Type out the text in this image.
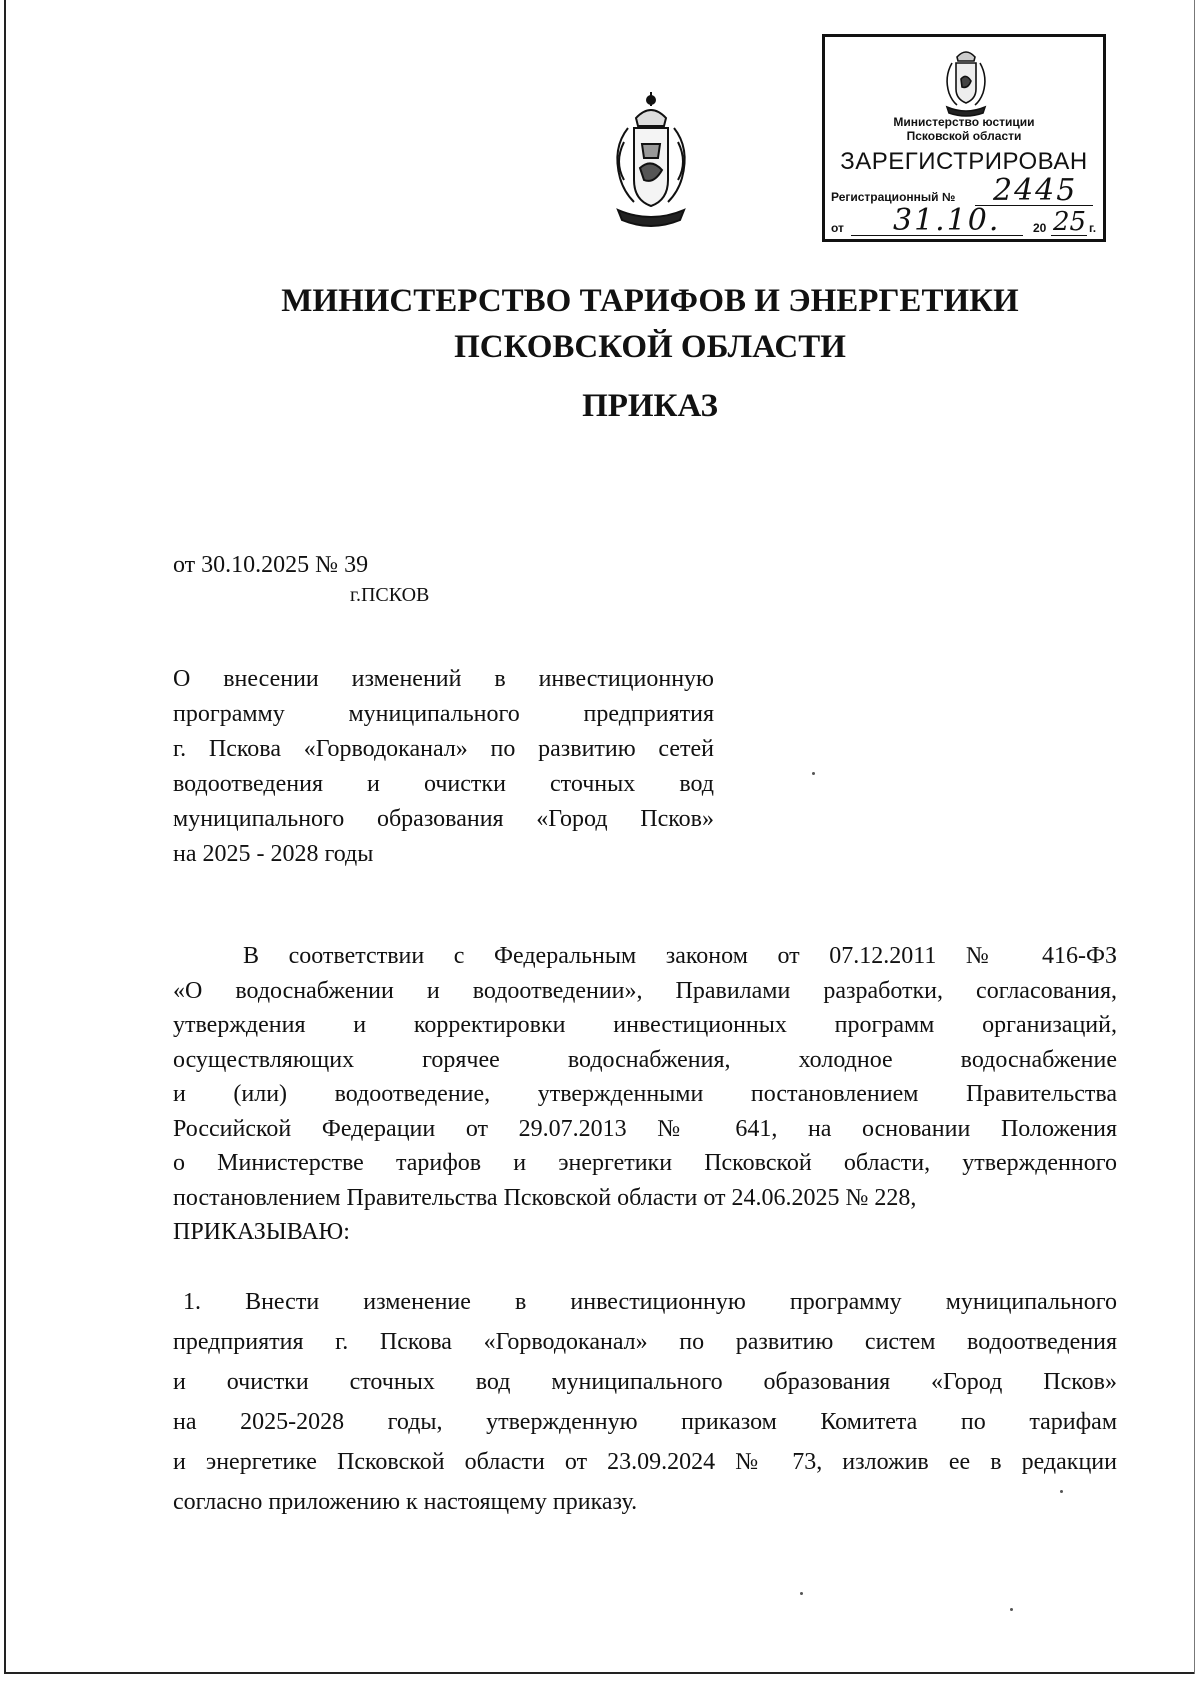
Министерство юстиции
Псковской области
ЗАРЕГИСТРИРОВАН
Регистрационный № 2445
от 31.10.	20 25 г.
МИНИСТЕРСТВО ТАРИФОВ И ЭНЕРГЕТИКИ
ПСКОВСКОЙ ОБЛАСТИ
ПРИКАЗ
от 30.10.2025 № 39
г.ПСКОВ
О внесении изменений в инвестиционную
программу муниципального предприятия
г. Пскова «Горводоканал» по развитию сетей
водоотведения и очистки сточных вод
муниципального образования «Город Псков»
на 2025 - 2028 годы
В соответствии с Федеральным законом от 07.12.2011 № 416-ФЗ
«О водоснабжении и водоотведении», Правилами разработки, согласования,
утверждения и корректировки инвестиционных программ организаций,
осуществляющих горячее водоснабжения, холодное водоснабжение
и (или) водоотведение, утвержденными постановлением Правительства
Российской Федерации от 29.07.2013 № 641, на основании Положения
о Министерстве тарифов и энергетики Псковской области, утвержденного
постановлением Правительства Псковской области от 24.06.2025 № 228,
ПРИКАЗЫВАЮ:
1. Внести изменение в инвестиционную программу муниципального
предприятия г. Пскова «Горводоканал» по развитию систем водоотведения
и очистки сточных вод муниципального образования «Город Псков»
на 2025-2028 годы, утвержденную приказом Комитета по тарифам
и энергетике Псковской области от 23.09.2024 № 73, изложив ее в редакции
согласно приложению к настоящему приказу.
